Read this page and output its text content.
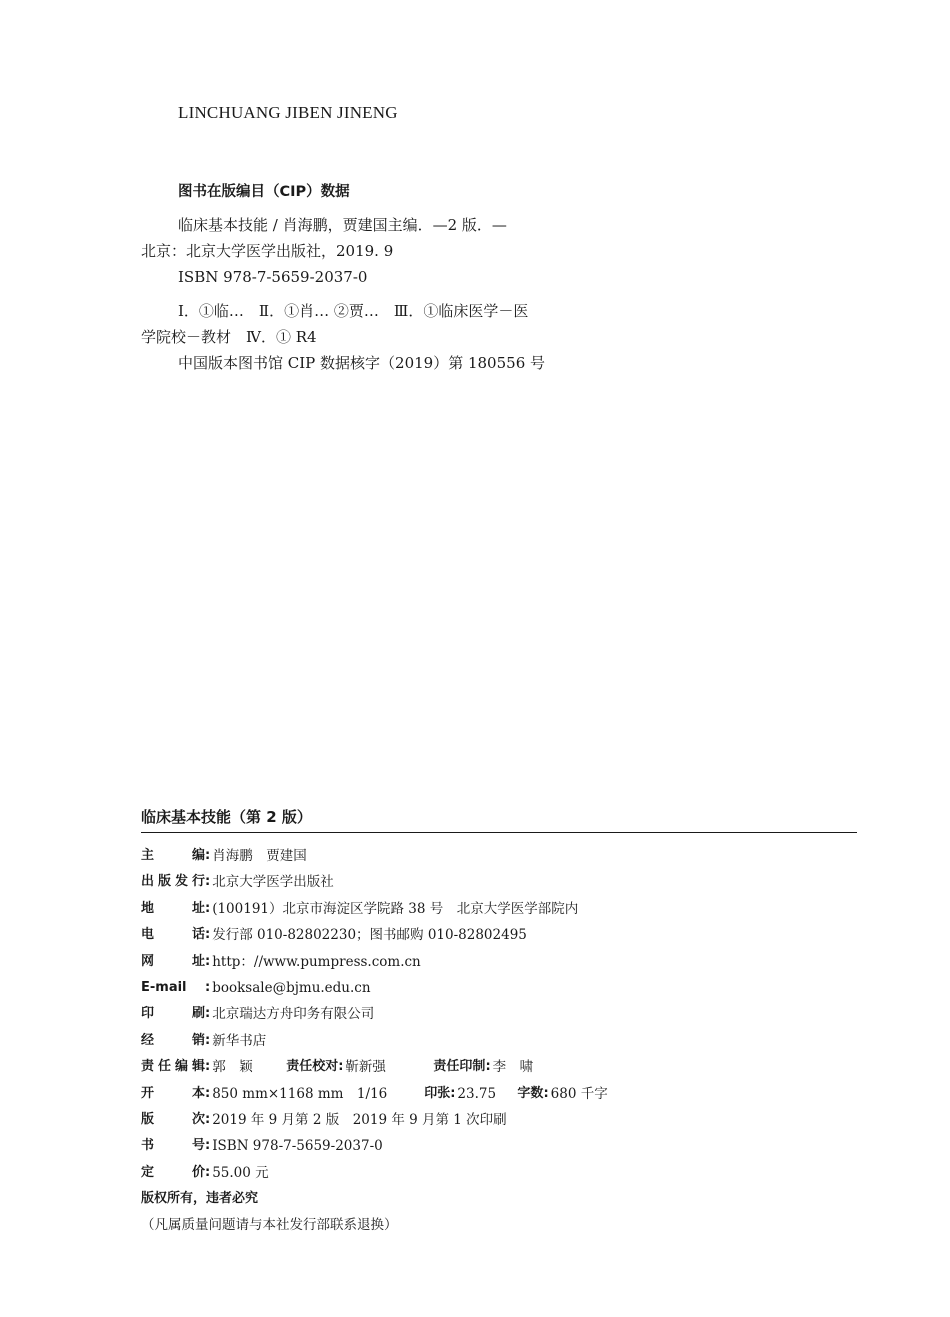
LINCHUANG JIBEN JINENG
图书在版编目（CIP）数据
临床基本技能 / 肖海鹏，贾建国主编．—2 版．—
北京：北京大学医学出版社，2019. 9
ISBN 978-7-5659-2037-0
Ⅰ．①临…　Ⅱ．①肖… ②贾…　Ⅲ．①临床医学－医
学院校－教材　Ⅳ．① R4
中国版本图书馆 CIP 数据核字（2019）第 180556 号
临床基本技能（第 2 版）
主编 : 肖海鹏　贾建国
出版发行 : 北京大学医学出版社
地址 : (100191）北京市海淀区学院路 38 号　北京大学医学部院内
电话 : 发行部 010-82802230；图书邮购 010-82802495
网址 : http：//www.pumpress.com.cn
E-mail	: booksale@bjmu.edu.cn
印刷 : 北京瑞达方舟印务有限公司
经销 : 新华书店
责任编辑 : 郭　颖	责任校对 : 靳新强	责任印制 : 李　啸
开本 : 850 mm×1168 mm　1/16	印张 : 23.75	字数 : 680 千字
版次 : 2019 年 9 月第 2 版　2019 年 9 月第 1 次印刷
书号 : ISBN 978-7-5659-2037-0
定价 : 55.00 元
版权所有，违者必究
（凡属质量问题请与本社发行部联系退换）
